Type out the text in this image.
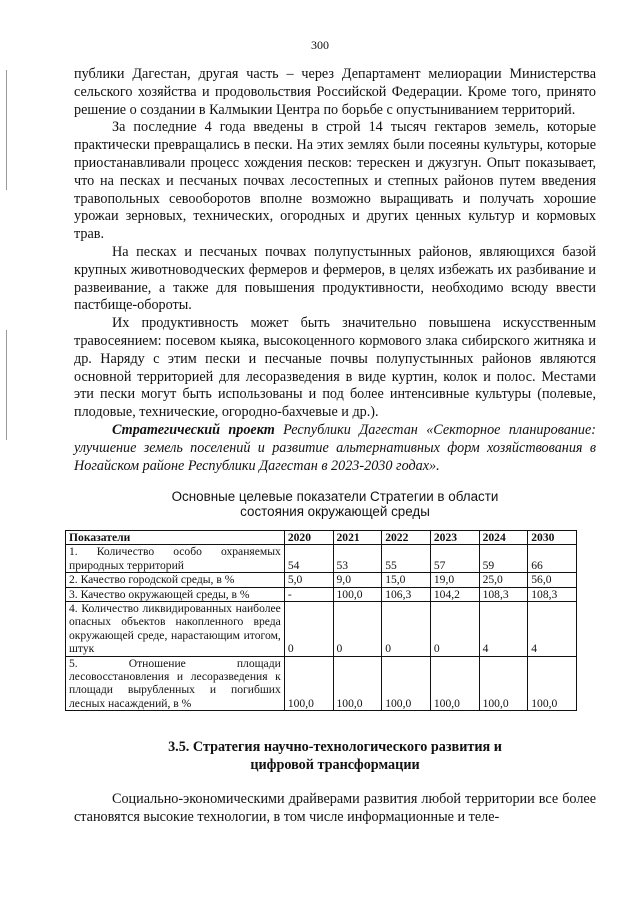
300

публики Дагестан, другая часть – через Департамент мелиорации Министерства сельского хозяйства и продовольствия Российской Федерации. Кроме того, принято решение о создании в Калмыкии Центра по борьбе с опустыниванием территорий.

За последние 4 года введены в строй 14 тысяч гектаров земель, которые практически превращались в пески. На этих землях были посеяны культуры, которые приостанавливали процесс хождения песков: терескен и джузгун. Опыт показывает, что на песках и песчаных почвах лесостепных и степных районов путем введения травопольных севооборотов вполне возможно выращивать и получать хорошие урожаи зерновых, технических, огородных и других ценных культур и кормовых трав.

На песках и песчаных почвах полупустынных районов, являющихся базой крупных животноводческих фермеров и фермеров, в целях избежать их разбивание и развеивание, а также для повышения продуктивности, необходимо всюду ввести пастбище-обороты.

Их продуктивность может быть значительно повышена искусственным травосеянием: посевом кыяка, высокоценного кормового злака сибирского житняка и др. Наряду с этим пески и песчаные почвы полупустынных районов являются основной территорией для лесоразведения в виде куртин, колок и полос. Местами эти пески могут быть использованы и под более интенсивные культуры (полевые, плодовые, технические, огородно-бахчевые и др.).

Стратегический проект Республики Дагестан «Секторное планирование: улучшение земель поселений и развитие альтернативных форм хозяйствования в Ногайском районе Республики Дагестан в 2023-2030 годах».

Основные целевые показатели Стратегии в области
состояния окружающей среды
Показатели	2020	2021	2022	2023	2024	2030
1. Количество особо охраняемых природных территорий	54	53	55	57	59	66
2. Качество городской среды, в %	5,0	9,0	15,0	19,0	25,0	56,0
3. Качество окружающей среды, в %	-	100,0	106,3	104,2	108,3	108,3
4. Количество ликвидированных наиболее опасных объектов накопленного вреда окружающей среде, нарастающим итогом, штук	0	0	0	0	4	4
5. Отношение площади лесовосстановления и лесоразведения к площади вырубленных и погибших лесных насаждений, в %	100,0	100,0	100,0	100,0	100,0	100,0
3.5. Стратегия научно-технологического развития и
цифровой трансформации

Социально-экономическими драйверами развития любой территории все более становятся высокие технологии, в том числе информационные и теле-
